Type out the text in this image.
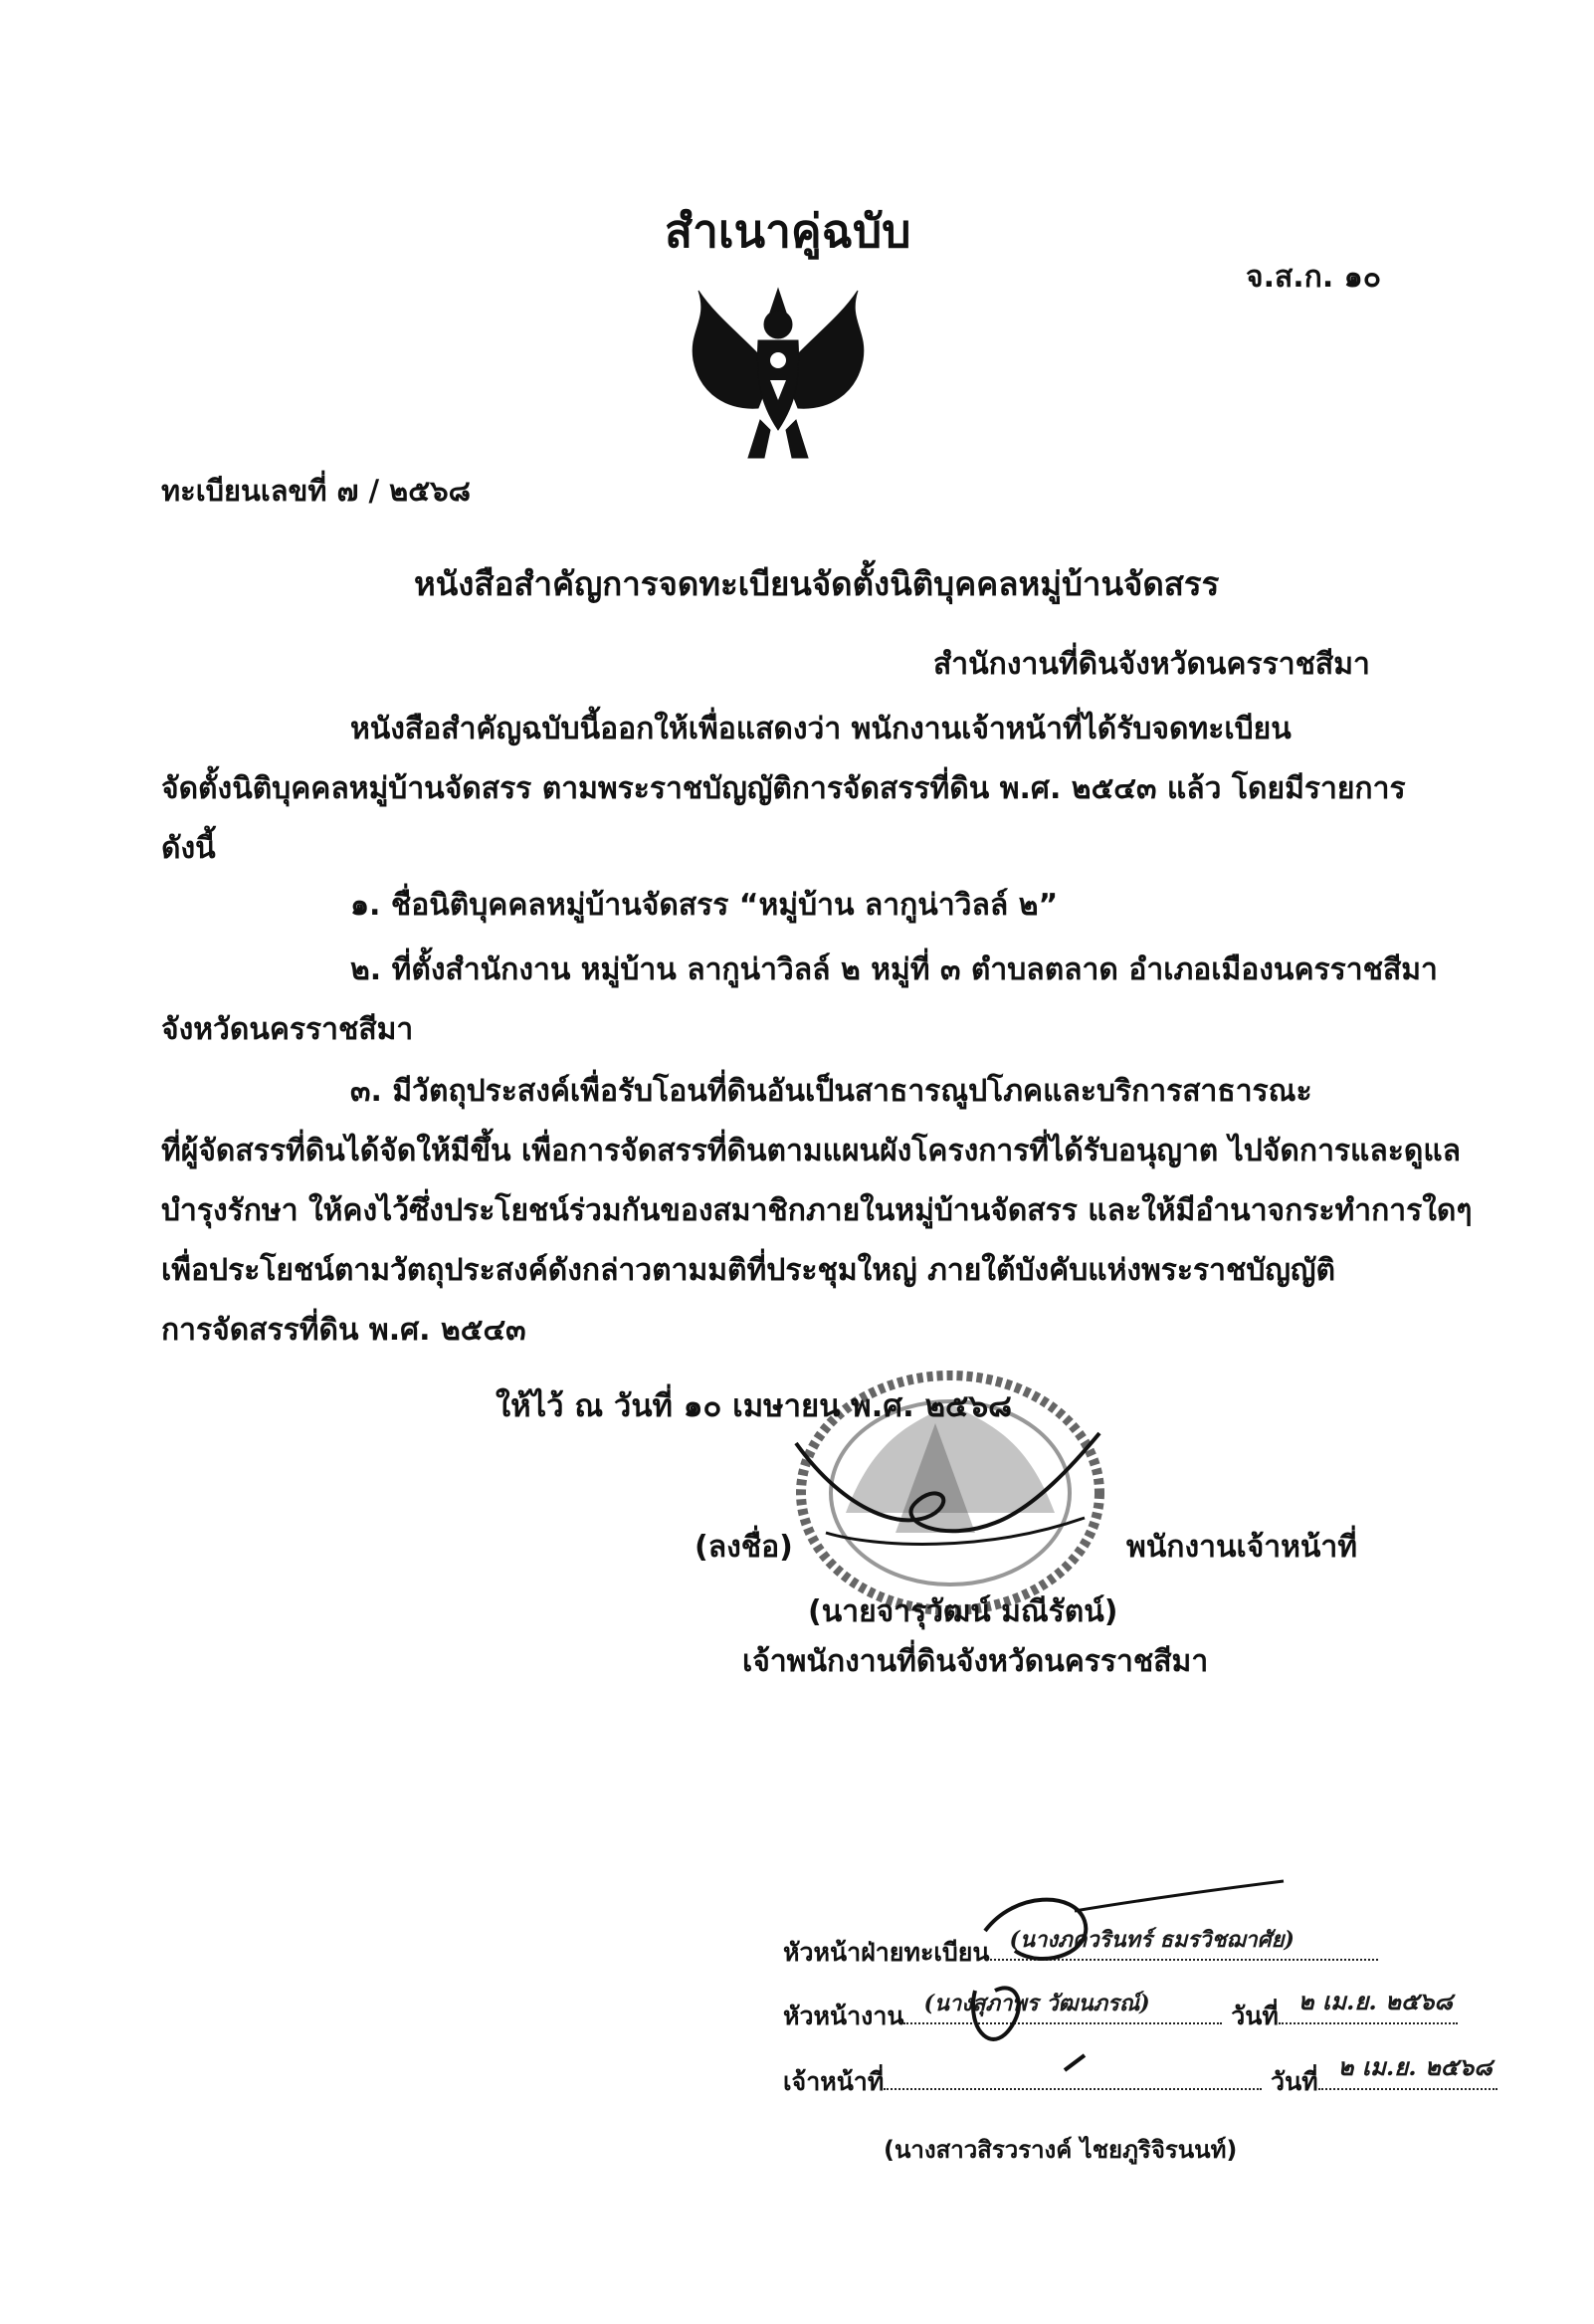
สำเนาคู่ฉบับ
จ.ส.ก. ๑๐
ทะเบียนเลขที่ ๗ / ๒๕๖๘
หนังสือสำคัญการจดทะเบียนจัดตั้งนิติบุคคลหมู่บ้านจัดสรร
สำนักงานที่ดินจังหวัดนครราชสีมา
หนังสือสำคัญฉบับนี้ออกให้เพื่อแสดงว่า พนักงานเจ้าหน้าที่ได้รับจดทะเบียน
จัดตั้งนิติบุคคลหมู่บ้านจัดสรร ตามพระราชบัญญัติการจัดสรรที่ดิน พ.ศ. ๒๕๔๓ แล้ว โดยมีรายการ
ดังนี้
๑. ชื่อนิติบุคคลหมู่บ้านจัดสรร “หมู่บ้าน ลากูน่าวิลล์ ๒”
๒. ที่ตั้งสำนักงาน หมู่บ้าน ลากูน่าวิลล์ ๒ หมู่ที่ ๓ ตำบลตลาด อำเภอเมืองนครราชสีมา
จังหวัดนครราชสีมา
๓. มีวัตถุประสงค์เพื่อรับโอนที่ดินอันเป็นสาธารณูปโภคและบริการสาธารณะ
ที่ผู้จัดสรรที่ดินได้จัดให้มีขึ้น เพื่อการจัดสรรที่ดินตามแผนผังโครงการที่ได้รับอนุญาต ไปจัดการและดูแล
บำรุงรักษา ให้คงไว้ซึ่งประโยชน์ร่วมกันของสมาชิกภายในหมู่บ้านจัดสรร และให้มีอำนาจกระทำการใดๆ
เพื่อประโยชน์ตามวัตถุประสงค์ดังกล่าวตามมติที่ประชุมใหญ่ ภายใต้บังคับแห่งพระราชบัญญัติ
การจัดสรรที่ดิน พ.ศ. ๒๕๔๓
ให้ไว้ ณ วันที่ ๑๐ เมษายน พ.ศ. ๒๕๖๘
(ลงชื่อ)	พนักงานเจ้าหน้าที่
(นายจารุวัฒน์ มณีรัตน์)
เจ้าพนักงานที่ดินจังหวัดนครราชสีมา
หัวหน้าฝ่ายทะเบียน (นางภควรินทร์ ธมรวิชฌาศัย)
หัวหน้างาน (นางสุภาพร วัฒนภรณ์)	วันที่
๒ เม.ย. ๒๕๖๘
เจ้าหน้าที่	วันที่
๒ เม.ย. ๒๕๖๘
(นางสาวสิรวรางค์ ไชยภูริจิรนนท์)
